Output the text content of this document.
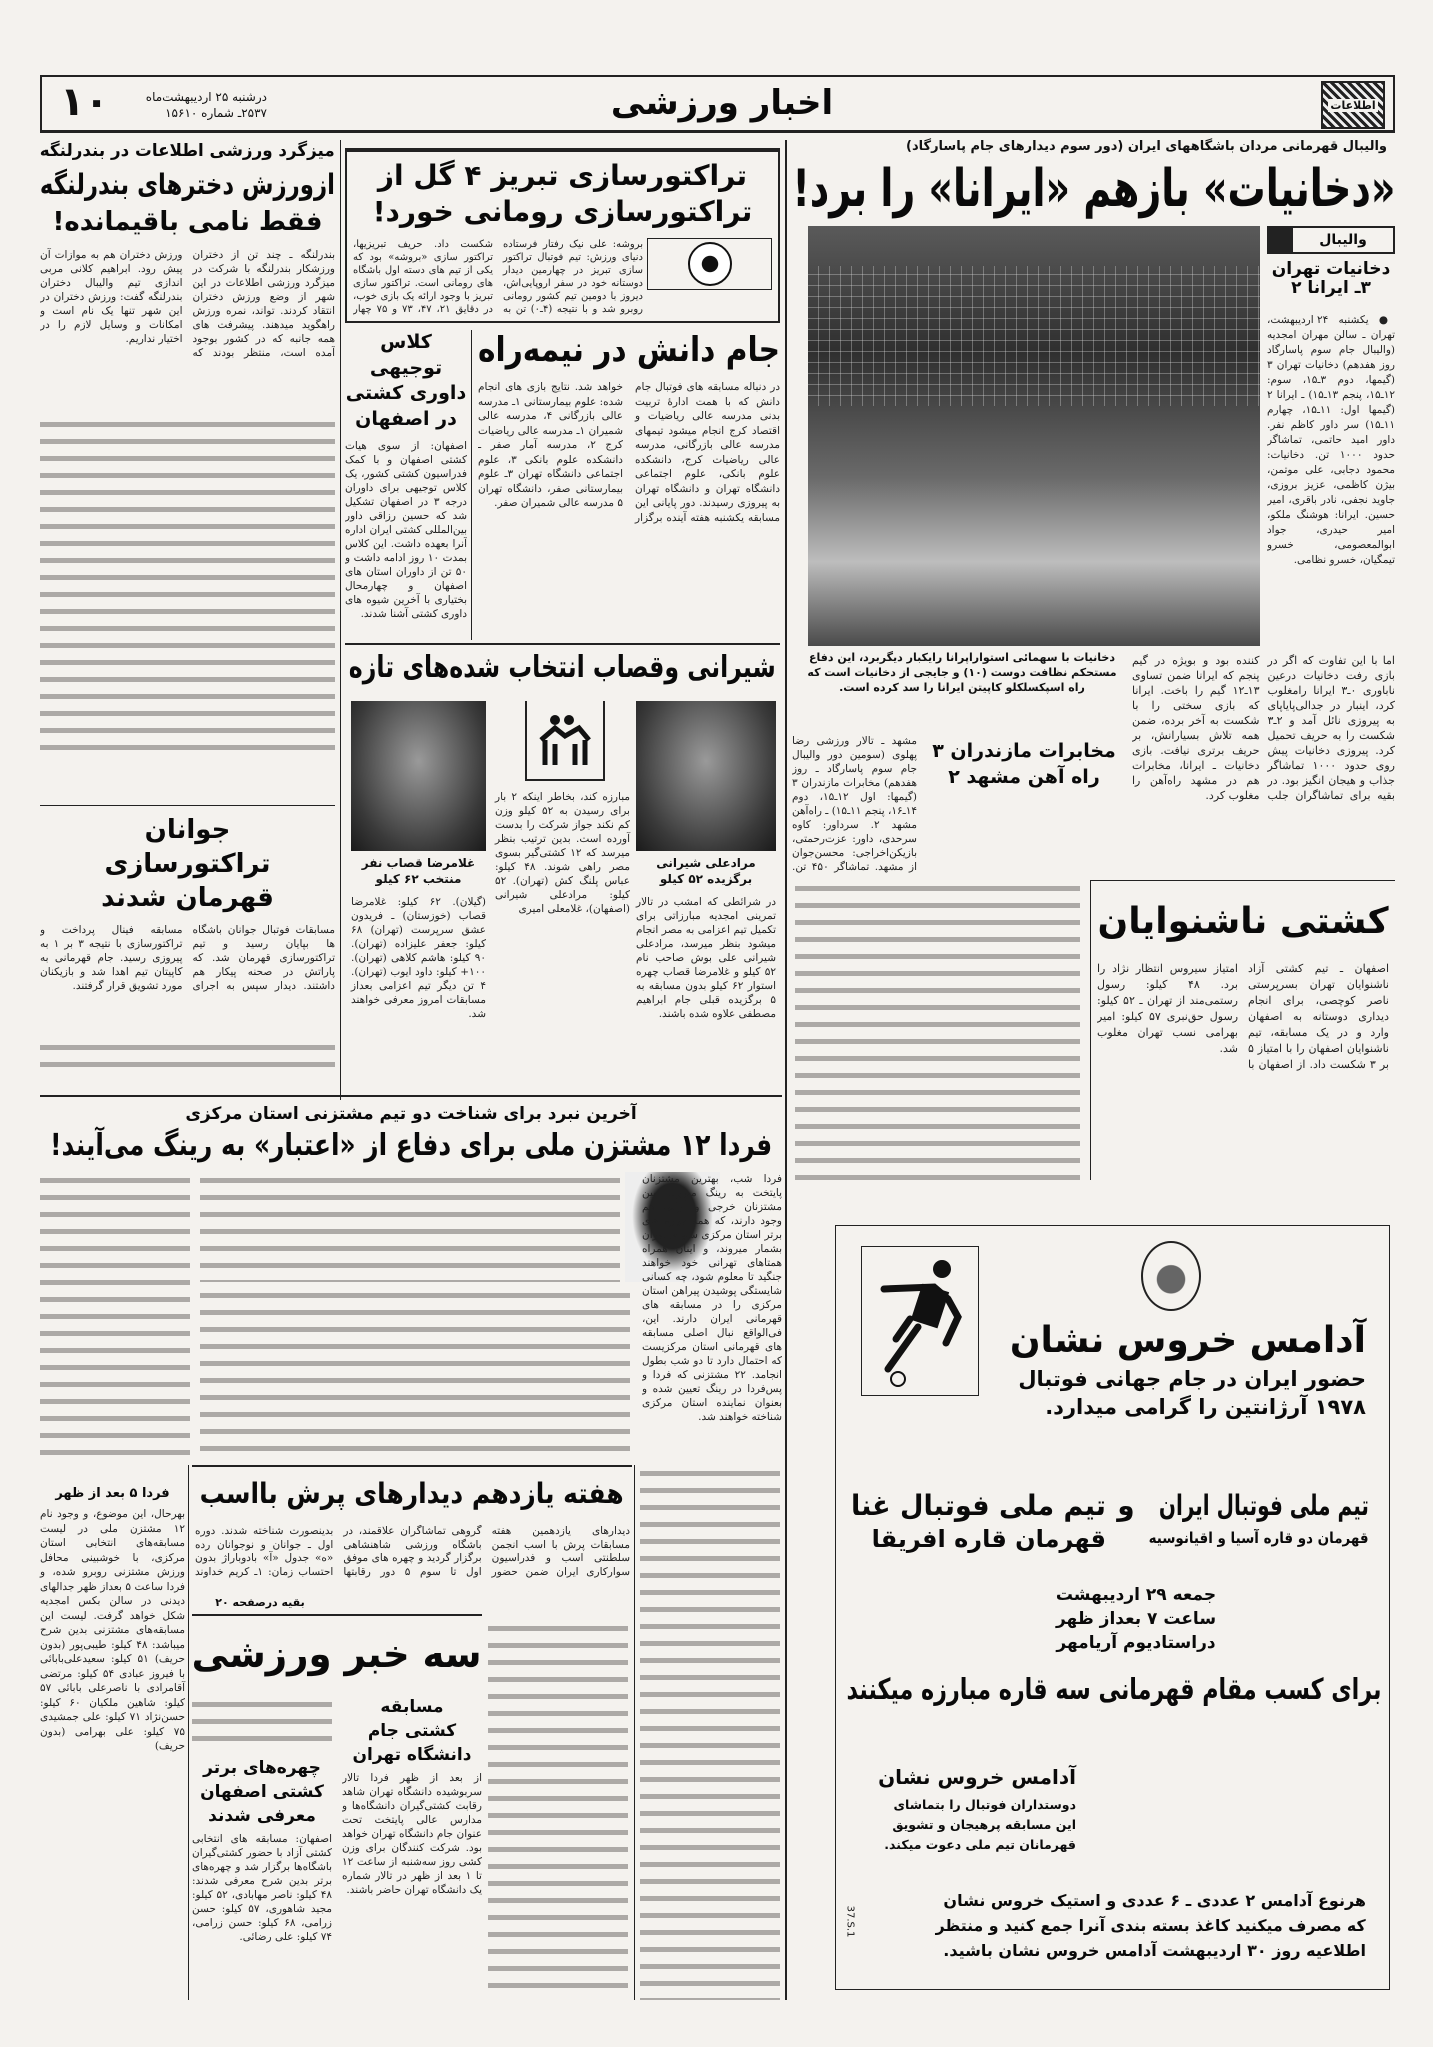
اطلاعات
اخبار ورزشی
۱۰	درشنبه ۲۵ اردیبهشت‌ماه
۲۵۳۷ـ شماره ۱۵۶۱۰
والیبال قهرمانی مردان باشگاههای ایران (دور سوم دیدارهای جام پاسارگاد)
«دخانیات» بازهم «ایرانا» را برد!
والیبال
دخانیات تهران ۳ـ ایرانا ۲
● یکشنبه ۲۴ اردیبهشت، تهران ـ سالن مهران امجدیه (والیبال جام سوم پاسارگاد روز هفدهم) دخانیات تهران ۳ (گیمها، دوم ۳ـ۱۵، سوم: ۱۲ـ۱۵، پنجم ۱۳ـ۱۵) ـ ایرانا ۲ (گیمها اول: ۱۱ـ۱۵، چهارم ۱۱ـ۱۵) سر داور کاظم نفر. داور امید حاتمی، تماشاگر حدود ۱۰۰۰ تن. دخانیات: محمود دجابی، علی موتمن، بیژن کاظمی، عزیز بروزی، جاوید نجفی، نادر باقری، امیر حسین. ایرانا: هوشنگ ملکو، امیر حیدری، جواد ابوالمعصومی، خسرو تیمگیان، خسرو نظامی.
دخانیات با سهمائی استواراپرانا رایکبار دیگربرد، این دفاع مستحکم نظافت دوست (۱۰) و جایجی از دخانیات است که راه اسپکسلکلو کاپیتن ایرانا را سد کرده است.
اما با این تفاوت که اگر در بازی رفت دخانیات درعین ناباوری ۰ـ۳ ایرانا رامغلوب کرد، اینبار در جدالی‌پایاپای به پیروزی نائل آمد و ۲ـ۳ شکست را به حریف تحمیل کرد. پیروزی دخانیات پیش روی حدود ۱۰۰۰ تماشاگر جذاب و هیجان انگیز بود. در بقیه برای تماشاگران جلب کننده بود و بویژه در گیم پنجم که ایرانا ضمن تساوی ۱۳ـ۱۲ گیم را باخت. ایرانا که بازی سختی را با شکست به آخر برده، ضمن همه تلاش بسیارانش، بر حریف برتری نیافت. بازی دخانیات ـ ایرانا، مخابرات هم در مشهد راه‌آهن را مغلوب کرد.
مخابرات مازندران ۳ راه آهن مشهد ۲
مشهد ـ تالار ورزشی رضا پهلوی (سومین دور والیبال جام سوم پاسارگاد ـ روز هفدهم) مخابرات مازندران ۳ (گیمها: اول ۱۲ـ۱۵، دوم ۱۴ـ۱۶، پنجم ۱۱ـ۱۵) ـ راه‌آهن مشهد ۲. سرداور: کاوه سرحدی، داور: عزت‌رحمتی، بازیکن‌اخراجی: محسن‌جوان از مشهد. تماشاگر ۴۵۰ تن.
کشتی ناشنوایان
اصفهان ـ تیم کشتی آزاد ناشنوایان تهران بسرپرستی ناصر کوچصی، برای انجام دیداری دوستانه به اصفهان وارد و در یک مسابقه، تیم ناشنوایان اصفهان را با امتیاز ۵ بر ۳ شکست داد. از اصفهان با امتیاز سیروس انتظار نژاد را برد. ۴۸ کیلو: رسول رستمی‌مند از تهران ـ ۵۲ کیلو: رسول حق‌نبری ۵۷ کیلو: امیر بهرامی نسب تهران مغلوب شد.
آدامس خروس نشان
حضور ایران در جام جهانی فوتبال
۱۹۷۸ آرژانتین را گرامی میدارد.
تیم ملی فوتبال ایران
و
تیم ملی فوتبال غنا
قهرمان دو قاره آسیا و اقیانوسیه
قهرمان قاره افریقا
جمعه ۲۹ اردیبهشت
ساعت ۷ بعداز ظهر
دراستادیوم آریامهر
برای کسب مقام قهرمانی سه قاره مبارزه میکنند
آدامس خروس نشان
دوستداران فوتبال را بتماشای
این مسابقه پرهیجان و تشویق
قهرمانان تیم ملی دعوت میکند.
هرنوع آدامس ۲ عددی ـ ۶ عددی و استیک خروس نشان
که مصرف میکنید کاغذ بسته بندی آنرا جمع کنید و منتظر
اطلاعیه روز ۳۰ اردیبهشت آدامس خروس نشان باشید.
37.S.1
تراکتورسازی تبریز ۴ گل از
تراکتورسازی رومانی خورد!
بروشه: علی نیک رفتار فرستاده دنیای ورزش: تیم فوتبال تراکتور سازی تبریز در چهارمین دیدار دوستانه خود در سفر اروپایی‌اش، دیروز با دومین تیم کشور رومانی روبرو شد و با نتیجه (۴ـ۰) تن به شکست داد. حریف تبریزیها، تراکتور سازی «بروشه» بود که یکی از تیم های دسته اول باشگاه های رومانی است. تراکتور سازی تبریز با وجود ارائه یک بازی خوب، در دقایق ۲۱، ۴۷، ۷۳ و ۷۵ چهار
کلاس توجیهی داوری کشتی در اصفهان
اصفهان: از سوی هیات کشتی اصفهان و با کمک فدراسیون کشتی کشور، یک کلاس توجیهی برای داوران درجه ۳ در اصفهان تشکیل شد که حسین رزاقی داور بین‌المللی کشتی ایران اداره آنرا بعهده داشت. این کلاس بمدت ۱۰ روز ادامه داشت و ۵۰ تن از داوران استان های اصفهان و چهارمحال بختیاری با آخرین شیوه های داوری کشتی آشنا شدند.
جام دانش در نیمه‌راه
در دنباله مسابقه های فوتبال جام دانش که با همت ادارۀ تربیت بدنی مدرسه عالی ریاضیات و اقتصاد کرج انجام میشود تیمهای مدرسه عالی بازرگانی، مدرسه عالی ریاضیات کرج، دانشکده علوم بانکی، علوم اجتماعی دانشگاه تهران و دانشگاه تهران به پیروزی رسیدند. دور پایانی این مسابقه یکشنبه هفته آینده برگزار خواهد شد. نتایج بازی های انجام شده: علوم بیمارستانی ۱ـ مدرسه عالی بازرگانی ۴، مدرسه عالی شمیران ۱ـ مدرسه عالی ریاضیات کرج ۲، مدرسه آمار صفر ـ دانشکده علوم بانکی ۳، علوم اجتماعی دانشگاه تهران ۳ـ علوم بیمارستانی صفر، دانشگاه تهران ۵ مدرسه عالی شمیران صفر.
شیرانی وقصاب انتخاب شده‌های تازه
مرادعلی شیرانی برگزیده ۵۲ کیلو
غلامرضا قصاب نفر منتخب ۶۲ کیلو
در شرائطی که امشب در تالار تمرینی امجدیه مبارزاتی برای تکمیل تیم اعزامی به مصر انجام میشود بنظر میرسد، مرادعلی شیرانی علی بوش صاحب نام ۵۲ کیلو و غلامرضا قصاب چهره استوار ۶۲ کیلو بدون مسابقه به ۵ برگزیده قبلی جام ابراهیم مصطفی علاوه شده باشند.
مبارزه کند، بخاطر اینکه ۲ بار برای رسیدن به ۵۲ کیلو وزن کم نکند جواز شرکت را بدست آورده است. بدین ترتیب بنظر میرسد که ۱۲ کشتی‌گیر بسوی مصر راهی شوند. ۴۸ کیلو: عباس پلنگ کش (تهران). ۵۲ کیلو: مرادعلی شیرانی (اصفهان)، غلامعلی امیری
(گیلان). ۶۲ کیلو: غلامرضا قصاب (خوزستان) ـ فریدون عشق سرپرست (تهران) ۶۸ کیلو: جعفر علیزاده (تهران). ۹۰ کیلو: هاشم کلاهی (تهران). ۱۰۰+ کیلو: داود ایوب (تهران). ۴ تن دیگر تیم اعزامی بعداز مسابقات امروز معرفی خواهند شد.
میزگرد ورزشی اطلاعات در بندرلنگه
ازورزش دخترهای بندرلنگه
فقط نامی باقیمانده!
بندرلنگه ـ چند تن از دختران ورزشکار بندرلنگه با شرکت در میزگرد ورزشی اطلاعات در این شهر از وضع ورزش دختران انتقاد کردند. تواند، نمره ورزش راهگوید میدهند. پیشرفت های همه جانبه که در کشور بوجود آمده است، منتظر بودند که ورزش دختران هم به موازات آن پیش رود. ابراهیم کلانی مربی اندازی تیم والیبال دختران بندرلنگه گفت: ورزش دختران در این شهر تنها یک نام است و امکانات و وسایل لازم را در اختیار نداریم.
جوانان تراکتورسازی قهرمان شدند
مسابقات فوتبال جوانان باشگاه ها بپایان رسید و تیم تراکتورسازی قهرمان شد. که پاراتش در صحنه پیکار هم داشتند. دیدار سپس به اجرای مسابقه فینال پرداخت و تراکتورسازی با نتیجه ۳ بر ۱ به پیروزی رسید. جام قهرمانی به کاپیتان تیم اهدا شد و بازیکنان مورد تشویق قرار گرفتند.
آخرین نبرد برای شناخت دو تیم مشتزنی استان مرکزی
فردا ۱۲ مشتزن ملی برای دفاع از «اعتبار» به رینگ می‌آیند!
فردا شب، بهترین مشتزنان پایتخت به رینگ میروند، بین مشتزنان خرجی و آرانی هم وجود دارند، که همه چهره های برتر استان مرکزی سنهای تهران بشمار میروند، و اینان همراه همتاهای تهرانی خود خواهند جنگید تا معلوم شود، چه کسانی شایستگی پوشیدن پیراهن استان مرکزی را در مسابقه های قهرمانی ایران دارند. این، فی‌الواقع نبال اصلی مسابقه های قهرمانی استان مرکزیست که احتمال دارد تا دو شب بطول انجامد. ۲۲ مشتزنی که فردا و پس‌فردا در رینگ تعیین شده و بعنوان نماینده استان مرکزی شناخته خواهند شد.
فردا ۵ بعد از ظهر
بهرحال، این موضوع، و وجود نام ۱۲ مشتزن ملی در لیست مسابقه‌های انتخابی استان مرکزی، با خوشبینی محافل ورزش مشتزنی روبرو شده، و فردا ساعت ۵ بعداز ظهر جدالهای دیدنی در سالن بکس امجدیه شکل خواهد گرفت. لیست این مسابقه‌های مشتزنی بدین شرح میباشد: ۴۸ کیلو: طیبی‌پور (بدون حریف) ۵۱ کیلو: سعیدعلی‌بابائی با فیروز عبادی ۵۴ کیلو: مرتضی آقامرادی با ناصرعلی بابائی ۵۷ کیلو: شاهین ملکیان ۶۰ کیلو: حسن‌نژاد ۷۱ کیلو: علی جمشیدی ۷۵ کیلو: علی بهرامی (بدون حریف)
هفته یازدهم دیدارهای پرش بااسب
دیدارهای یازدهمین هفته مسابقات پرش با اسب انجمن سلطنتی اسب و فدراسیون سوارکاری ایران ضمن حضور گروهی تماشاگران علاقمند، در باشگاه ورزشی شاهنشاهی برگزار گردید و چهره های موفق اول تا سوم ۵ دور رقابتها بدینصورت شناخته شدند. دوره اول ـ جوانان و نوجوانان رده «ه» جدول «آ» بادوباراژ بدون احتساب زمان: ۱ـ کریم خداوند
بقیه درصفحه ۲۰
سه خبر ورزشی
مسابقه کشتی جام دانشگاه تهران
از بعد از ظهر فردا تالار سربوشیده دانشگاه تهران شاهد رقابت کشتی‌گیران دانشگاه‌ها و مدارس عالی پایتخت تحت عنوان جام دانشگاه تهران خواهد بود. شرکت کنندگان برای وزن کشی روز سه‌شنبه از ساعت ۱۲ تا ۱ بعد از ظهر در تالار شماره یک دانشگاه تهران حاضر باشند.
چهره‌های برتر کشتی اصفهان معرفی شدند
اصفهان: مسابقه های انتخابی کشتی آزاد با حضور کشتی‌گیران باشگاه‌ها برگزار شد و چهره‌های برتر بدین شرح معرفی شدند: ۴۸ کیلو: ناصر مهابادی، ۵۲ کیلو: مجید شاهوری، ۵۷ کیلو: حسن زرامی، ۶۸ کیلو: حسن زرامی، ۷۴ کیلو: علی رضائی.
